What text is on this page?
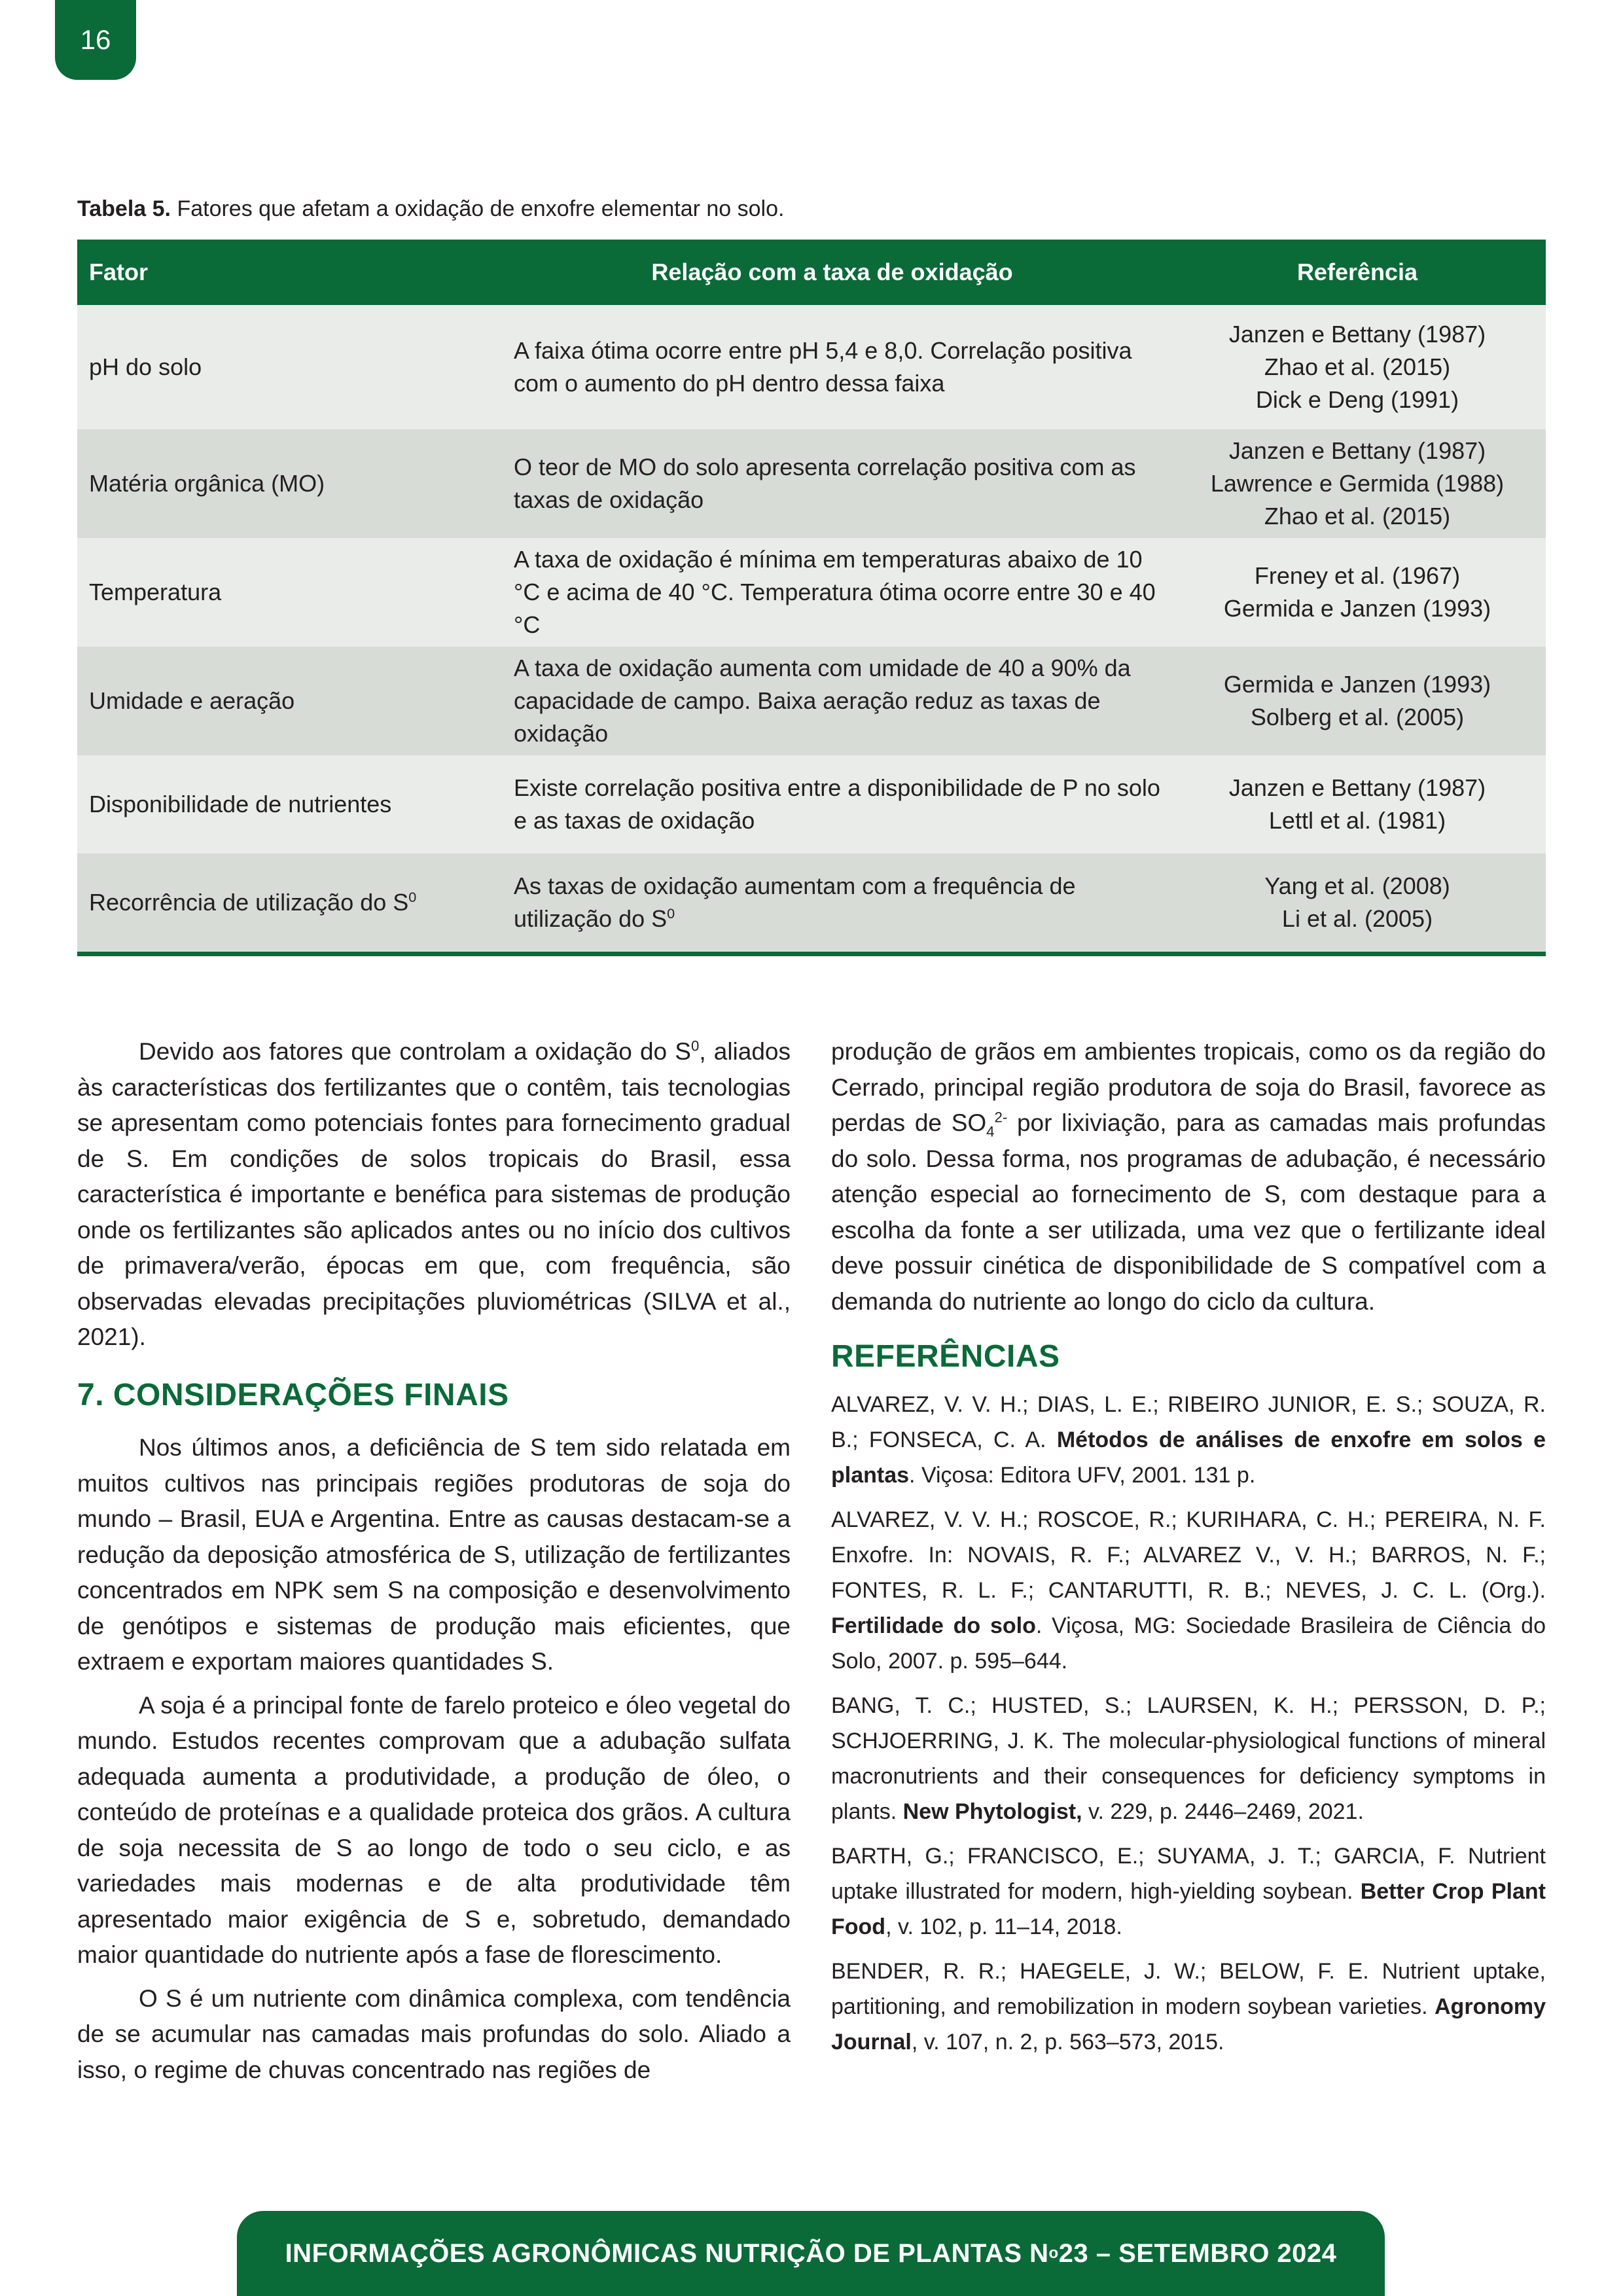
16
Tabela 5. Fatores que afetam a oxidação de enxofre elementar no solo.
Fator	Relação com a taxa de oxidação	Referência
pH do solo	A faixa ótima ocorre entre pH 5,4 e 8,0. Correlação positiva com o aumento do pH dentro dessa faixa	Janzen e Bettany (1987)
Zhao et al. (2015)
Dick e Deng (1991)

Matéria orgânica (MO)	O teor de MO do solo apresenta correlação positiva com as taxas de oxidação	Janzen e Bettany (1987)
Lawrence e Germida (1988)
Zhao et al. (2015)

Temperatura	A taxa de oxidação é mínima em temperaturas abaixo de 10 °C e acima de 40 °C. Temperatura ótima ocorre entre 30 e 40 °C	Freney et al. (1967)
Germida e Janzen (1993)

Umidade e aeração	A taxa de oxidação aumenta com umidade de 40 a 90% da capacidade de campo. Baixa aeração reduz as taxas de oxidação	Germida e Janzen (1993)
Solberg et al. (2005)

Disponibilidade de nutrientes	Existe correlação positiva entre a disponibilidade de P no solo e as taxas de oxidação	Janzen e Bettany (1987)
Lettl et al. (1981)

Recorrência de utilização do $S^0$	As taxas de oxidação aumentam com a frequência de utilização do $S^0$	Yang et al. (2008)
Li et al. (2005)

Devido aos fatores que controlam a oxidação do $S^0$, aliados às características dos fertilizantes que o contêm, tais tecnologias se apresentam como potenciais fontes para fornecimento gradual de S. Em condições de solos tropicais do Brasil, essa característica é importante e benéfica para sistemas de produção onde os fertilizantes são aplicados antes ou no início dos cultivos de primavera/verão, épocas em que, com frequência, são observadas elevadas precipitações pluviométricas (SILVA et al., 2021).

7. CONSIDERAÇÕES FINAIS

Nos últimos anos, a deficiência de S tem sido relatada em muitos cultivos nas principais regiões produtoras de soja do mundo – Brasil, EUA e Argentina. Entre as causas destacam-se a redução da deposição atmosférica de S, utilização de fertilizantes concentrados em NPK sem S na composição e desenvolvimento de genótipos e sistemas de produção mais eficientes, que extraem e exportam maiores quantidades S.

A soja é a principal fonte de farelo proteico e óleo vegetal do mundo. Estudos recentes comprovam que a adubação sulfata adequada aumenta a produtividade, a produção de óleo, o conteúdo de proteínas e a qualidade proteica dos grãos. A cultura de soja necessita de S ao longo de todo o seu ciclo, e as variedades mais modernas e de alta produtividade têm apresentado maior exigência de S e, sobretudo, demandado maior quantidade do nutriente após a fase de florescimento.

O S é um nutriente com dinâmica complexa, com tendência de se acumular nas camadas mais profundas do solo. Aliado a isso, o regime de chuvas concentrado nas regiões de

produção de grãos em ambientes tropicais, como os da região do Cerrado, principal região produtora de soja do Brasil, favorece as perdas de $SO_4^{2-}$ por lixiviação, para as camadas mais profundas do solo. Dessa forma, nos programas de adubação, é necessário atenção especial ao fornecimento de S, com destaque para a escolha da fonte a ser utilizada, uma vez que o fertilizante ideal deve possuir cinética de disponibilidade de S compatível com a demanda do nutriente ao longo do ciclo da cultura.

REFERÊNCIAS

ALVAREZ, V. V. H.; DIAS, L. E.; RIBEIRO JUNIOR, E. S.; SOUZA, R. B.; FONSECA, C. A. Métodos de análises de enxofre em solos e plantas. Viçosa: Editora UFV, 2001. 131 p.

ALVAREZ, V. V. H.; ROSCOE, R.; KURIHARA, C. H.; PEREIRA, N. F. Enxofre. In: NOVAIS, R. F.; ALVAREZ V., V. H.; BARROS, N. F.; FONTES, R. L. F.; CANTARUTTI, R. B.; NEVES, J. C. L. (Org.). Fertilidade do solo. Viçosa, MG: Sociedade Brasileira de Ciência do Solo, 2007. p. 595–644.

BANG, T. C.; HUSTED, S.; LAURSEN, K. H.; PERSSON, D. P.; SCHJOERRING, J. K. The molecular-physiological functions of mineral macronutrients and their consequences for deficiency symptoms in plants. New Phytologist, v. 229, p. 2446–2469, 2021.

BARTH, G.; FRANCISCO, E.; SUYAMA, J. T.; GARCIA, F. Nutrient uptake illustrated for modern, high-yielding soybean. Better Crop Plant Food, v. 102, p. 11–14, 2018.

BENDER, R. R.; HAEGELE, J. W.; BELOW, F. E. Nutrient uptake, partitioning, and remobilization in modern soybean varieties. Agronomy Journal, v. 107, n. 2, p. 563–573, 2015.

INFORMAÇÕES AGRONÔMICAS NUTRIÇÃO DE PLANTAS N o 23 – SETEMBRO 2024
